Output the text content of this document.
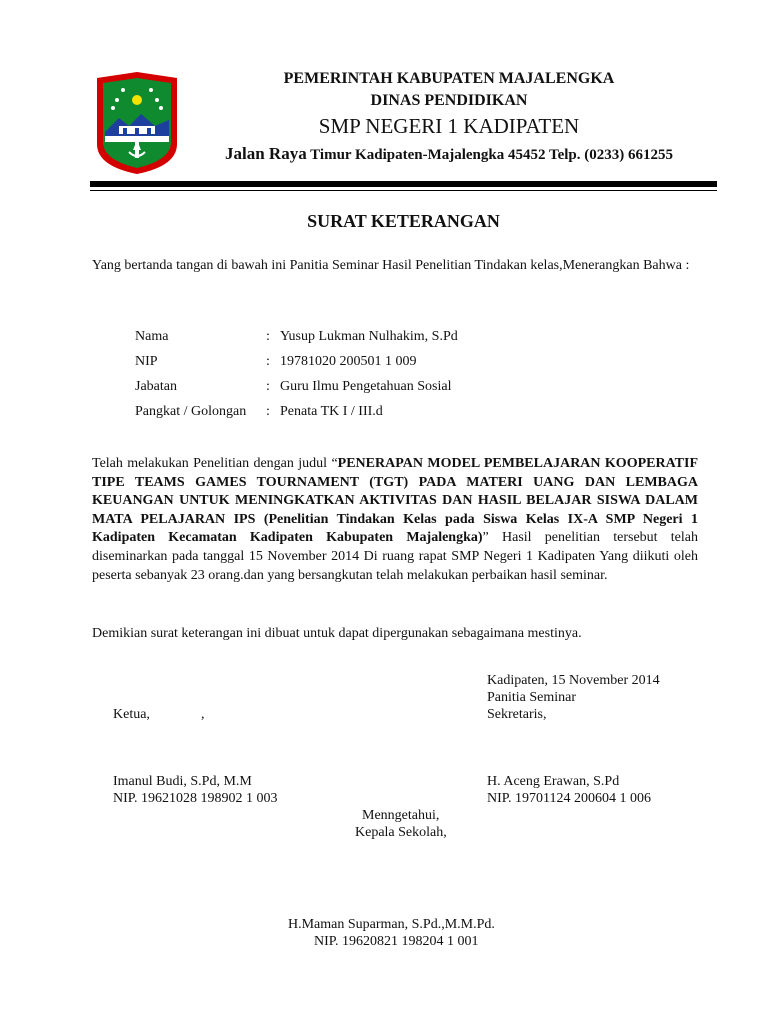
PEMERINTAH KABUPATEN MAJALENGKA
DINAS PENDIDIKAN
SMP NEGERI 1 KADIPATEN
Jalan Raya Timur Kadipaten-Majalengka 45452 Telp. (0233) 661255
SURAT KETERANGAN
Yang bertanda tangan di bawah ini Panitia Seminar Hasil Penelitian Tindakan kelas,Menerangkan Bahwa :
Nama	:	Yusup Lukman Nulhakim, S.Pd
NIP	:	19781020 200501 1 009
Jabatan	:	Guru Ilmu Pengetahuan Sosial
Pangkat / Golongan	:	Penata TK I / III.d
Telah melakukan Penelitian dengan judul “PENERAPAN MODEL PEMBELAJARAN KOOPERATIF TIPE TEAMS GAMES TOURNAMENT (TGT) PADA MATERI UANG DAN LEMBAGA KEUANGAN UNTUK MENINGKATKAN AKTIVITAS DAN HASIL BELAJAR SISWA DALAM MATA PELAJARAN IPS (Penelitian Tindakan Kelas pada Siswa Kelas IX-A SMP Negeri 1 Kadipaten Kecamatan Kadipaten Kabupaten Majalengka)” Hasil penelitian tersebut telah diseminarkan pada tanggal 15 November 2014 Di ruang rapat SMP Negeri 1 Kadipaten Yang diikuti oleh peserta sebanyak 23 orang.dan yang bersangkutan telah melakukan perbaikan hasil seminar.
Demikian surat keterangan ini dibuat untuk dapat dipergunakan sebagaimana mestinya.
Kadipaten, 15 November 2014
Panitia Seminar
Sekretaris,
Ketua,	,
Imanul Budi, S.Pd, M.M
NIP. 19621028 198902 1 003
H. Aceng Erawan, S.Pd
NIP. 19701124 200604 1 006
Menngetahui,
Kepala Sekolah,
H.Maman Suparman, S.Pd.,M.M.Pd.
NIP. 19620821 198204 1 001
